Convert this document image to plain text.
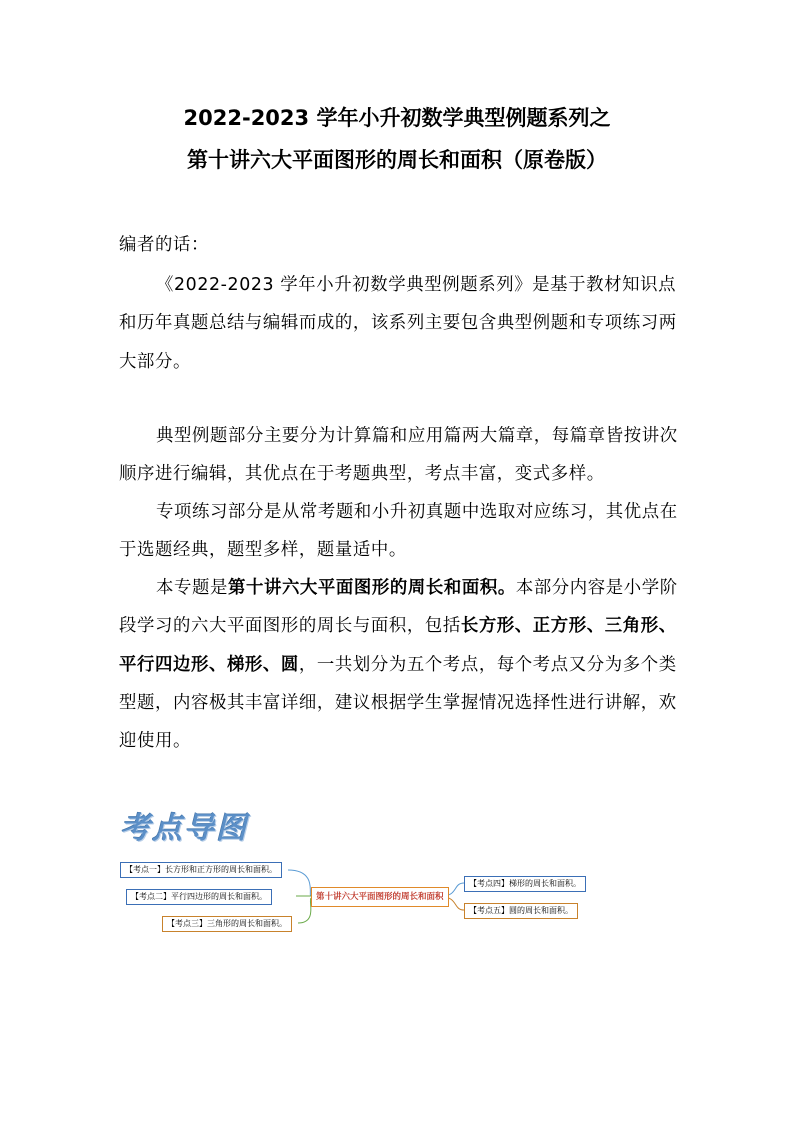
2022-2023 学年小升初数学典型例题系列之
第十讲六大平面图形的周长和面积（原卷版）
编者的话：
《2022-2023 学年小升初数学典型例题系列》是基于教材知识点和历年真题总结与编辑而成的，该系列主要包含典型例题和专项练习两大部分。
典型例题部分主要分为计算篇和应用篇两大篇章，每篇章皆按讲次顺序进行编辑，其优点在于考题典型，考点丰富，变式多样。
专项练习部分是从常考题和小升初真题中选取对应练习，其优点在于选题经典，题型多样，题量适中。
本专题是第十讲六大平面图形的周长和面积。本部分内容是小学阶段学习的六大平面图形的周长与面积，包括长方形、正方形、三角形、平行四边形、梯形、圆，一共划分为五个考点，每个考点又分为多个类型题，内容极其丰富详细，建议根据学生掌握情况选择性进行讲解，欢迎使用。
考点导图
【考点一】长方形和正方形的周长和面积。
【考点二】平行四边形的周长和面积。
【考点三】三角形的周长和面积。
第十讲六大平面图形的周长和面积
【考点四】梯形的周长和面积。
【考点五】圆的周长和面积。
